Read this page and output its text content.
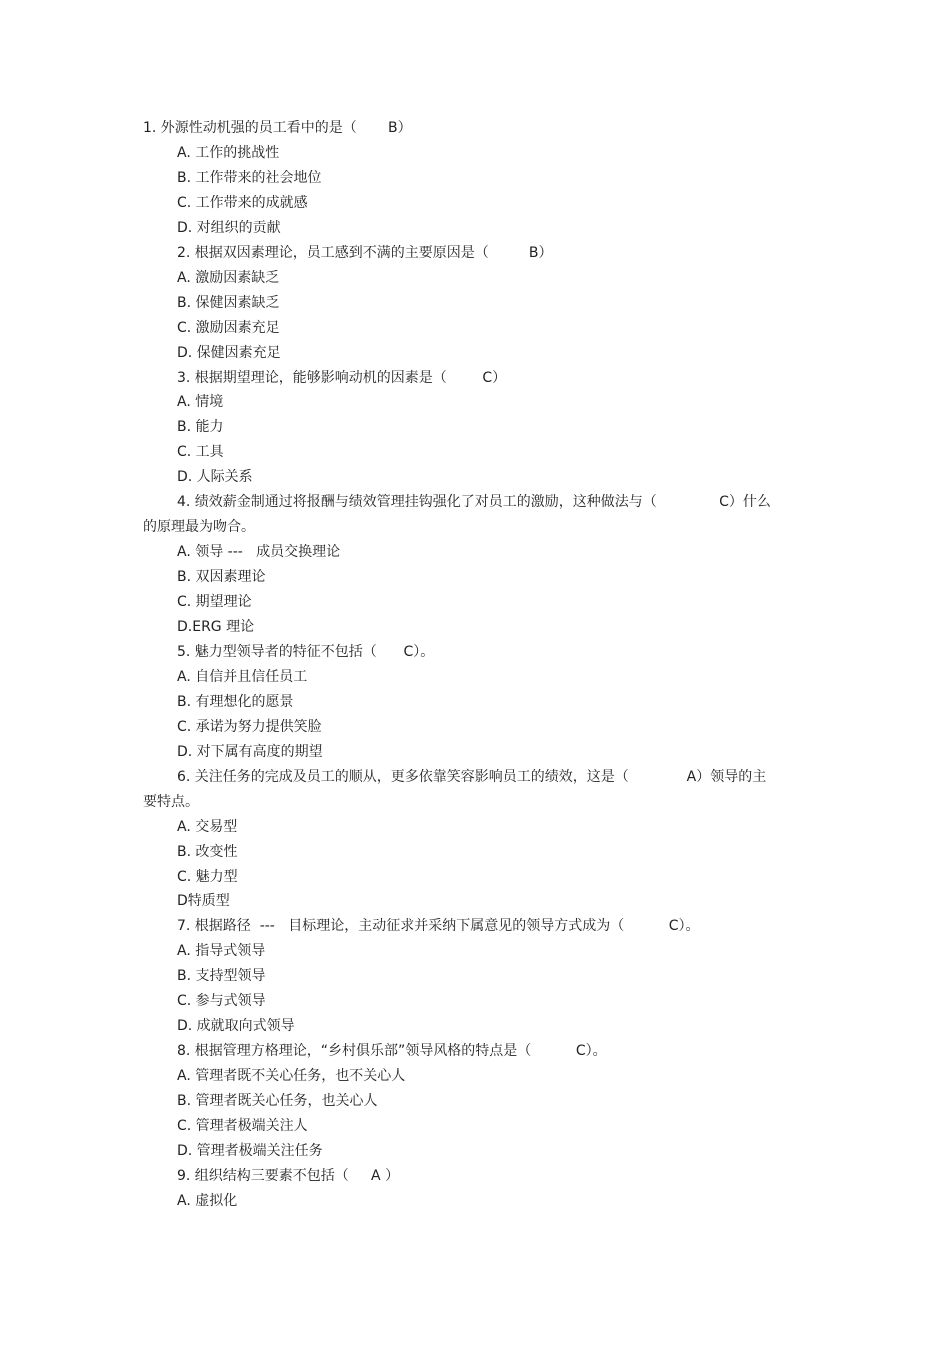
1. 外源性动机强的员工看中的是（       B）
A. 工作的挑战性
B. 工作带来的社会地位
C. 工作带来的成就感
D. 对组织的贡献
2. 根据双因素理论，员工感到不满的主要原因是（         B）
A. 激励因素缺乏
B. 保健因素缺乏
C. 激励因素充足
D. 保健因素充足
3. 根据期望理论，能够影响动机的因素是（        C）
A. 情境
B. 能力
C. 工具
D. 人际关系
4. 绩效薪金制通过将报酬与绩效管理挂钩强化了对员工的激励，这种做法与（              C）什么
的原理最为吻合。
A. 领导 ---   成员交换理论
B. 双因素理论
C. 期望理论
D.ERG 理论
5. 魅力型领导者的特征不包括（      C）。
A. 自信并且信任员工
B. 有理想化的愿景
C. 承诺为努力提供笑脸
D. 对下属有高度的期望
6. 关注任务的完成及员工的顺从，更多依靠笑容影响员工的绩效，这是（             A）领导的主
要特点。
A. 交易型
B. 改变性
C. 魅力型
D特质型
7. 根据路径  ---   目标理论，主动征求并采纳下属意见的领导方式成为（          C）。
A. 指导式领导
B. 支持型领导
C. 参与式领导
D. 成就取向式领导
8. 根据管理方格理论，“乡村俱乐部”领导风格的特点是（          C）。
A. 管理者既不关心任务，也不关心人
B. 管理者既关心任务，也关心人
C. 管理者极端关注人
D. 管理者极端关注任务
9. 组织结构三要素不包括（     A ）
A. 虚拟化
